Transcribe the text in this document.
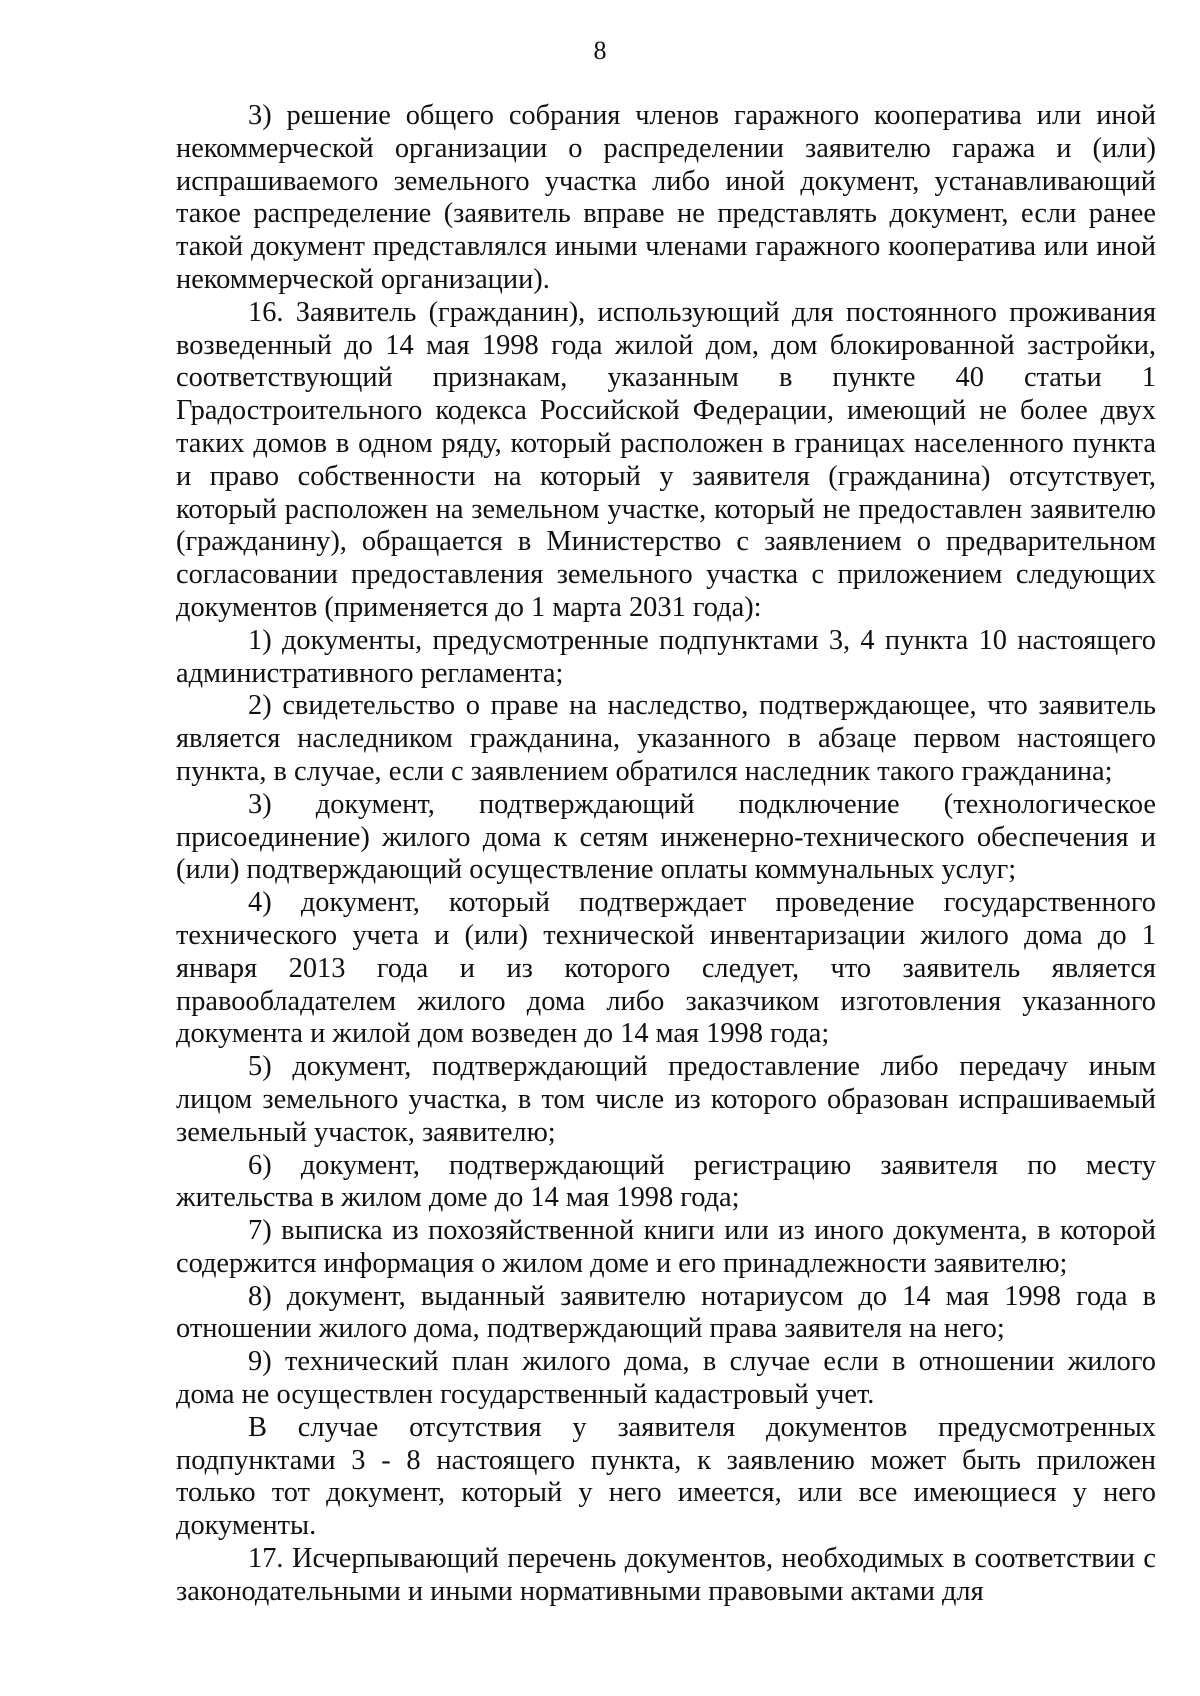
8

3) решение общего собрания членов гаражного кооператива или иной некоммерческой организации о распределении заявителю гаража и (или) испрашиваемого земельного участка либо иной документ, устанавливающий такое распределение (заявитель вправе не представлять документ, если ранее такой документ представлялся иными членами гаражного кооператива или иной некоммерческой организации).

16. Заявитель (гражданин), использующий для постоянного проживания возведенный до 14 мая 1998 года жилой дом, дом блокированной застройки, соответствующий признакам, указанным в пункте 40 статьи 1 Градостроительного кодекса Российской Федерации, имеющий не более двух таких домов в одном ряду, который расположен в границах населенного пункта и право собственности на который у заявителя (гражданина) отсутствует, который расположен на земельном участке, который не предоставлен заявителю (гражданину), обращается в Министерство с заявлением о предварительном согласовании предоставления земельного участка с приложением следующих документов (применяется до 1 марта 2031 года):

1) документы, предусмотренные подпунктами 3, 4 пункта 10 настоящего административного регламента;

2) свидетельство о праве на наследство, подтверждающее, что заявитель является наследником гражданина, указанного в абзаце первом настоящего пункта, в случае, если с заявлением обратился наследник такого гражданина;

3) документ, подтверждающий подключение (технологическое присоединение) жилого дома к сетям инженерно-технического обеспечения и (или) подтверждающий осуществление оплаты коммунальных услуг;

4) документ, который подтверждает проведение государственного технического учета и (или) технической инвентаризации жилого дома до 1 января 2013 года и из которого следует, что заявитель является правообладателем жилого дома либо заказчиком изготовления указанного документа и жилой дом возведен до 14 мая 1998 года;

5) документ, подтверждающий предоставление либо передачу иным лицом земельного участка, в том числе из которого образован испрашиваемый земельный участок, заявителю;

6) документ, подтверждающий регистрацию заявителя по месту жительства в жилом доме до 14 мая 1998 года;

7) выписка из похозяйственной книги или из иного документа, в которой содержится информация о жилом доме и его принадлежности заявителю;

8) документ, выданный заявителю нотариусом до 14 мая 1998 года в отношении жилого дома, подтверждающий права заявителя на него;

9) технический план жилого дома, в случае если в отношении жилого дома не осуществлен государственный кадастровый учет.

В случае отсутствия у заявителя документов предусмотренных подпунктами 3 - 8 настоящего пункта, к заявлению может быть приложен только тот документ, который у него имеется, или все имеющиеся у него документы.

17. Исчерпывающий перечень документов, необходимых в соответствии с законодательными и иными нормативными правовыми актами для
